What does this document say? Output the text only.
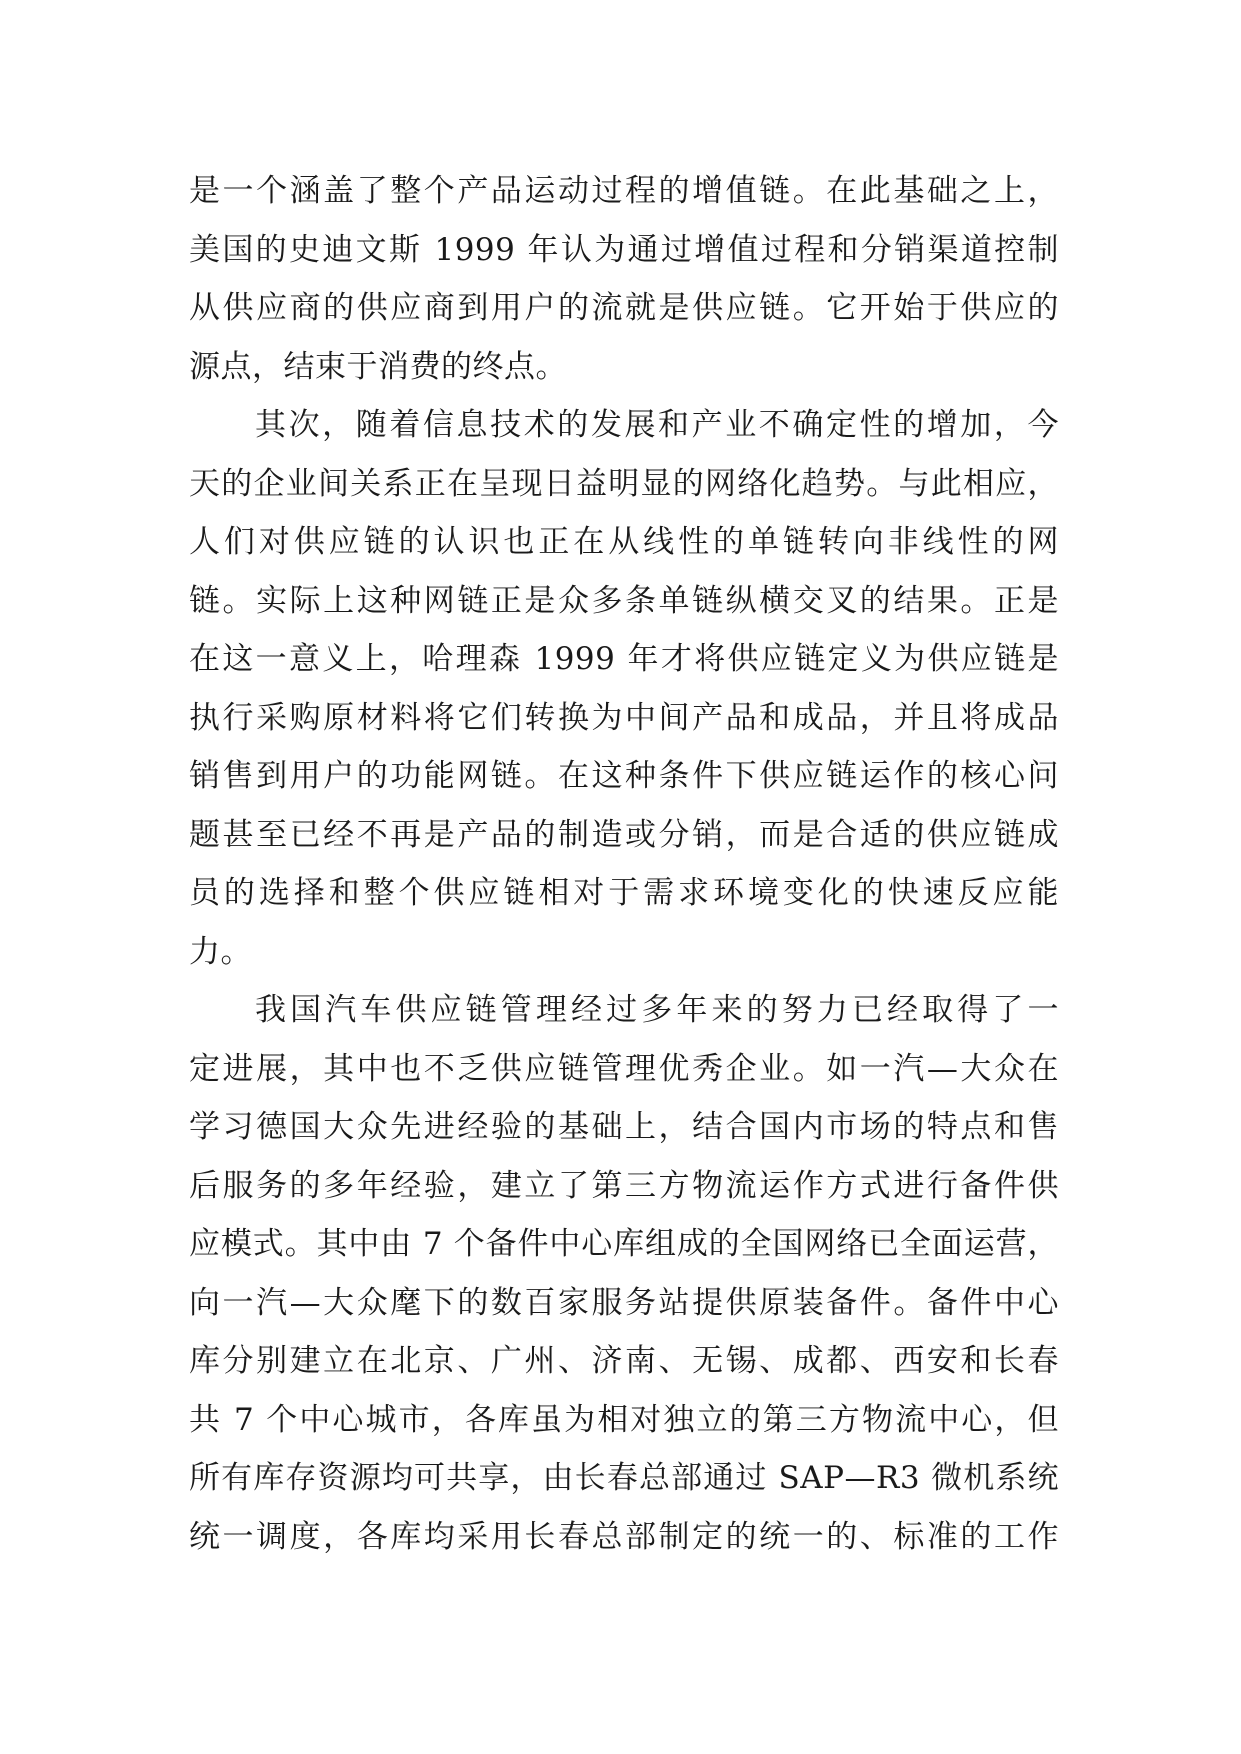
是一个涵盖了整个产品运动过程的增值链。在此基础之上，
美国的史迪文斯 1999 年认为通过增值过程和分销渠道控制
从供应商的供应商到用户的流就是供应链。它开始于供应的
源点，结束于消费的终点。
其次，随着信息技术的发展和产业不确定性的增加，今
天的企业间关系正在呈现日益明显的网络化趋势。与此相应，
人们对供应链的认识也正在从线性的单链转向非线性的网
链。实际上这种网链正是众多条单链纵横交叉的结果。正是
在这一意义上，哈理森 1999 年才将供应链定义为供应链是
执行采购原材料将它们转换为中间产品和成品，并且将成品
销售到用户的功能网链。在这种条件下供应链运作的核心问
题甚至已经不再是产品的制造或分销，而是合适的供应链成
员的选择和整个供应链相对于需求环境变化的快速反应能
力。
我国汽车供应链管理经过多年来的努力已经取得了一
定进展，其中也不乏供应链管理优秀企业。如一汽—大众在
学习德国大众先进经验的基础上，结合国内市场的特点和售
后服务的多年经验，建立了第三方物流运作方式进行备件供
应模式。其中由 7 个备件中心库组成的全国网络已全面运营，
向一汽—大众麾下的数百家服务站提供原装备件。备件中心
库分别建立在北京、广州、济南、无锡、成都、西安和长春
共 7 个中心城市，各库虽为相对独立的第三方物流中心，但
所有库存资源均可共享，由长春总部通过 SAP—R3 微机系统
统一调度，各库均采用长春总部制定的统一的、标准的工作
